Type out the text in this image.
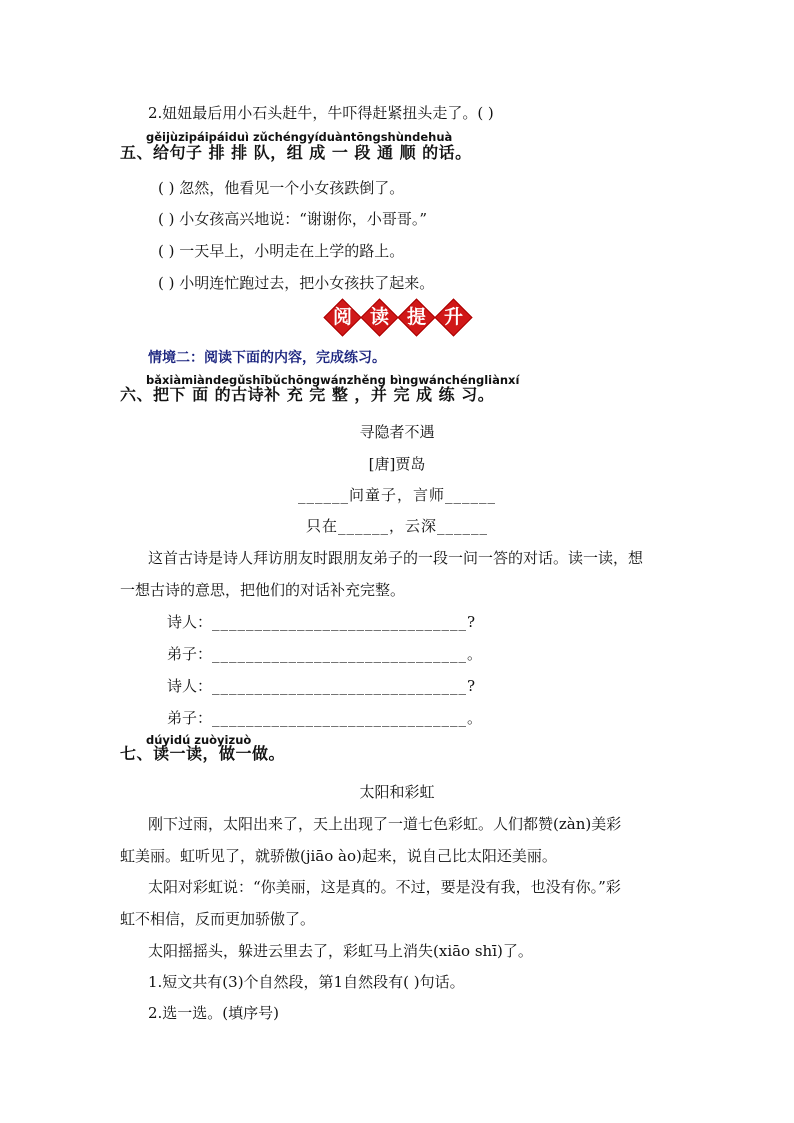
2.妞妞最后用小石头赶牛，牛吓得赶紧扭头走了。( )
gěijùzipáipáiduì zǔchéngyíduàntōngshùndehuà
五、给句子 排 排 队，组 成 一 段 通 顺 的话。
( ) 忽然，他看见一个小女孩跌倒了。
( ) 小女孩高兴地说：“谢谢你，小哥哥。”
( ) 一天早上，小明走在上学的路上。
( ) 小明连忙跑过去，把小女孩扶了起来。
阅 读 提 升
情境二：阅读下面的内容，完成练习。
bǎxiàmiàndegǔshībǔchōngwánzhěng bìngwánchéngliànxí
六、把下 面 的古诗补 充 完 整 ，并 完 成 练 习。
寻隐者不遇
[唐]贾岛
______问童子，言师______
只在______，云深______
这首古诗是诗人拜访朋友时跟朋友弟子的一段一问一答的对话。读一读，想
一想古诗的意思，把他们的对话补充完整。
诗人：______________________________?
弟子：______________________________。
诗人：______________________________?
弟子：______________________________。
dúyidú zuòyizuò
七、读一读，做一做。
太阳和彩虹
刚下过雨，太阳出来了，天上出现了一道七色彩虹。人们都赞(zàn)美彩
虹美丽。虹听见了，就骄傲(jiāo ào)起来，说自己比太阳还美丽。
太阳对彩虹说：“你美丽，这是真的。不过，要是没有我，也没有你。”彩
虹不相信，反而更加骄傲了。
太阳摇摇头，躲进云里去了，彩虹马上消失(xiāo shī)了。
1.短文共有(3)个自然段，第1自然段有( )句话。
2.选一选。(填序号)
